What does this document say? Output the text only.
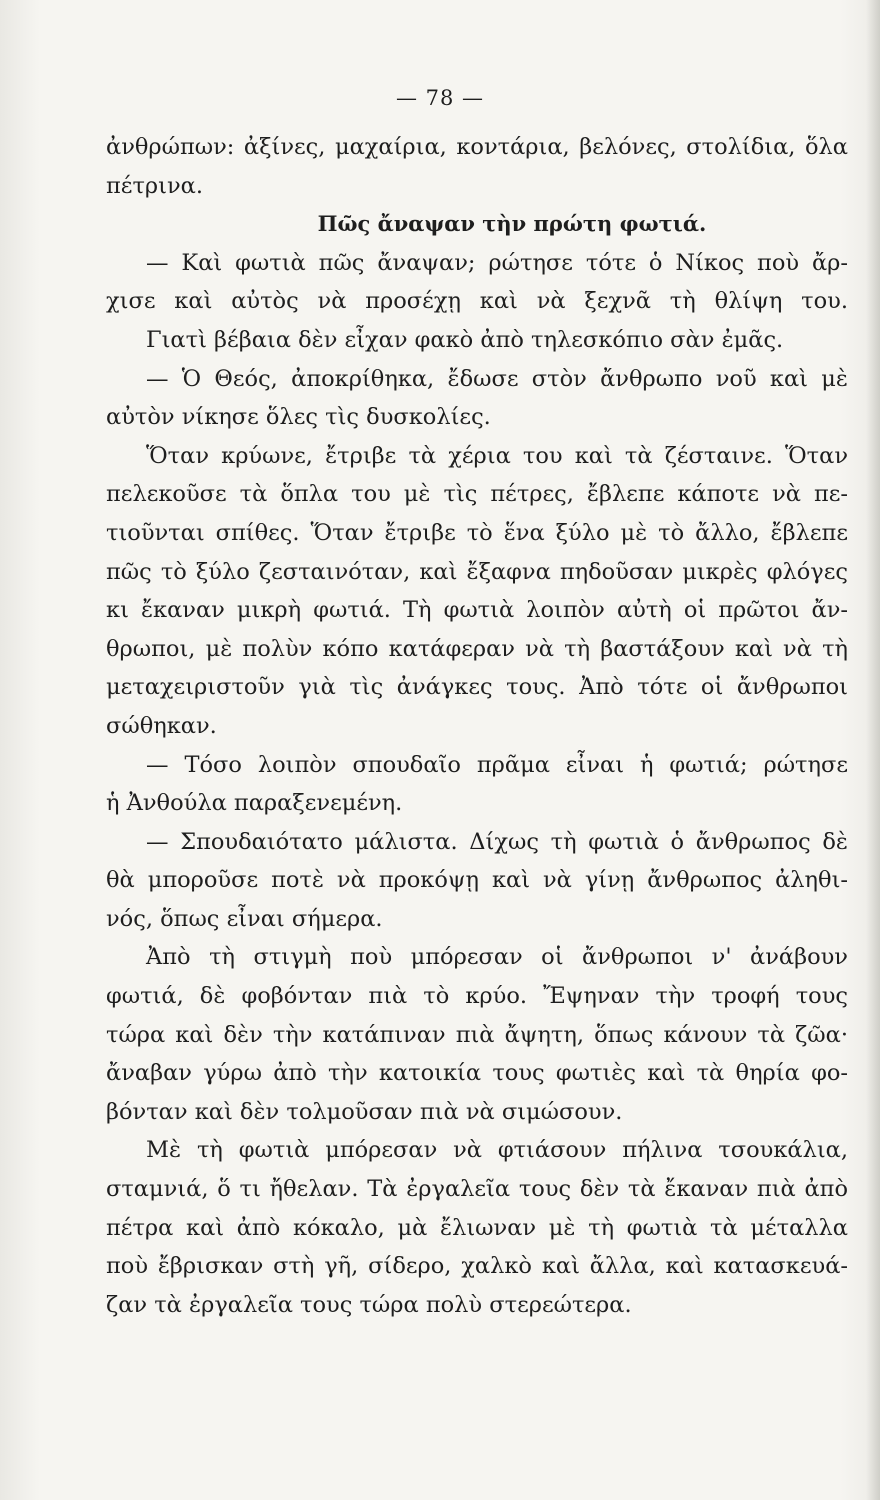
— 78 —
ἀνθρώπων: ἀξίνες, μαχαίρια, κοντάρια, βελόνες, στολίδια, ὅλα
πέτρινα.
Πῶς ἄναψαν τὴν πρώτη φωτιά.
— Καὶ φωτιὰ πῶς ἄναψαν; ρώτησε τότε ὁ Νίκος ποὺ ἄρ-
χισε καὶ αὐτὸς νὰ προσέχῃ καὶ νὰ ξεχνᾶ τὴ θλίψη του.
Γιατὶ βέβαια δὲν εἶχαν φακὸ ἀπὸ τηλεσκόπιο σὰν ἐμᾶς.
— Ὁ Θεός, ἀποκρίθηκα, ἔδωσε στὸν ἄνθρωπο νοῦ καὶ μὲ
αὐτὸν νίκησε ὅλες τὶς δυσκολίες.
Ὅταν κρύωνε, ἔτριβε τὰ χέρια του καὶ τὰ ζέσταινε. Ὅταν
πελεκοῦσε τὰ ὅπλα του μὲ τὶς πέτρες, ἔβλεπε κάποτε νὰ πε-
τιοῦνται σπίθες. Ὅταν ἔτριβε τὸ ἕνα ξύλο μὲ τὸ ἄλλο, ἔβλεπε
πῶς τὸ ξύλο ζεσταινόταν, καὶ ἔξαφνα πηδοῦσαν μικρὲς φλόγες
κι ἔκαναν μικρὴ φωτιά. Τὴ φωτιὰ λοιπὸν αὐτὴ οἱ πρῶτοι ἄν-
θρωποι, μὲ πολὺν κόπο κατάφεραν νὰ τὴ βαστάξουν καὶ νὰ τὴ
μεταχειριστοῦν γιὰ τὶς ἀνάγκες τους. Ἀπὸ τότε οἱ ἄνθρωποι
σώθηκαν.
— Τόσο λοιπὸν σπουδαῖο πρᾶμα εἶναι ἡ φωτιά; ρώτησε
ἡ Ἀνθούλα παραξενεμένη.
— Σπουδαιότατο μάλιστα. Δίχως τὴ φωτιὰ ὁ ἄνθρωπος δὲ
θὰ μποροῦσε ποτὲ νὰ προκόψῃ καὶ νὰ γίνῃ ἄνθρωπος ἀληθι-
νός, ὅπως εἶναι σήμερα.
Ἀπὸ τὴ στιγμὴ ποὺ μπόρεσαν οἱ ἄνθρωποι ν' ἀνάβουν
φωτιά, δὲ φοβόνταν πιὰ τὸ κρύο. Ἔψηναν τὴν τροφή τους
τώρα καὶ δὲν τὴν κατάπιναν πιὰ ἄψητη, ὅπως κάνουν τὰ ζῶα·
ἄναβαν γύρω ἀπὸ τὴν κατοικία τους φωτιὲς καὶ τὰ θηρία φο-
βόνταν καὶ δὲν τολμοῦσαν πιὰ νὰ σιμώσουν.
Μὲ τὴ φωτιὰ μπόρεσαν νὰ φτιάσουν πήλινα τσουκάλια,
σταμνιά, ὅ τι ἤθελαν. Τὰ ἐργαλεῖα τους δὲν τὰ ἔκαναν πιὰ ἀπὸ
πέτρα καὶ ἀπὸ κόκαλο, μὰ ἔλιωναν μὲ τὴ φωτιὰ τὰ μέταλλα
ποὺ ἔβρισκαν στὴ γῆ, σίδερο, χαλκὸ καὶ ἄλλα, καὶ κατασκευά-
ζαν τὰ ἐργαλεῖα τους τώρα πολὺ στερεώτερα.
